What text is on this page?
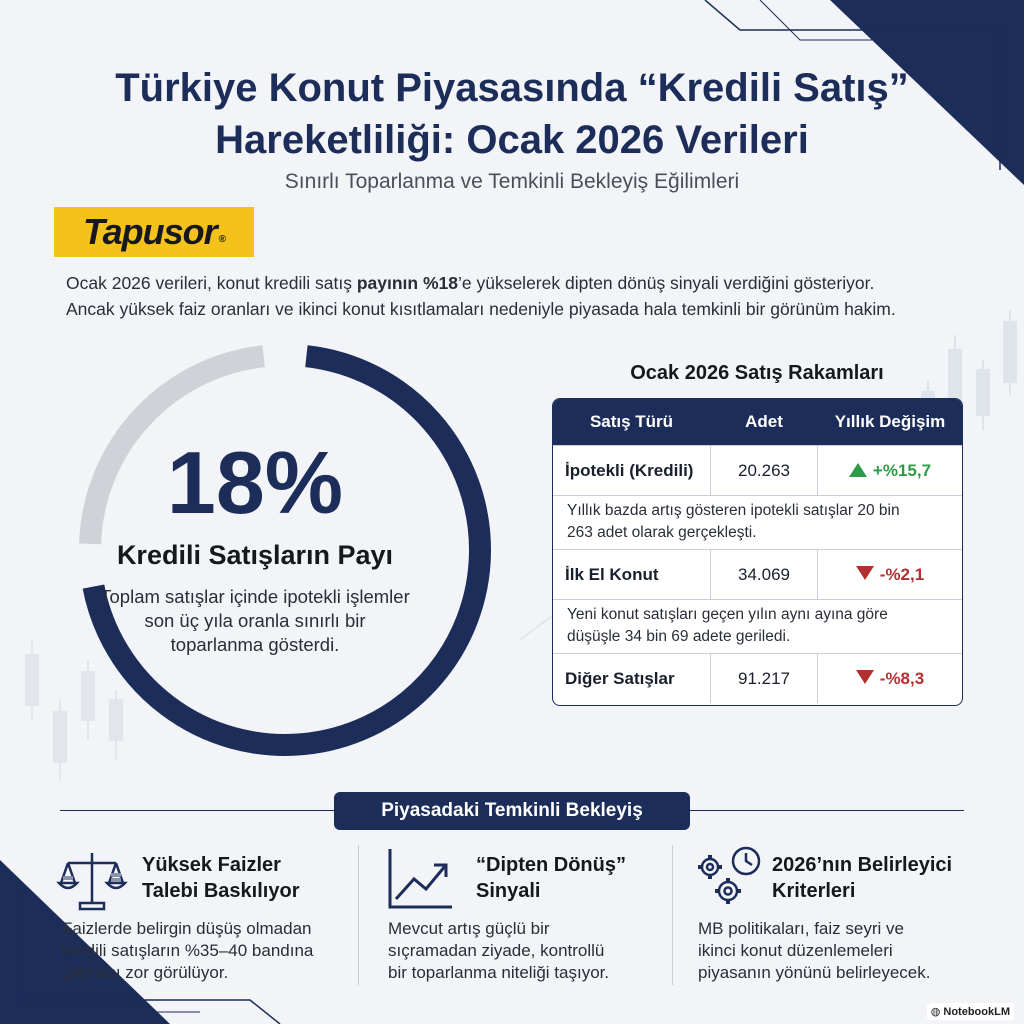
Türkiye Konut Piyasasında “Kredili Satış”
Hareketliliği: Ocak 2026 Verileri
Sınırlı Toparlanma ve Temkinli Bekleyiş Eğilimleri
Tapusor ®
Ocak 2026 verileri, konut kredili satış payının %18’e yükselerek dipten dönüş sinyali verdiğini gösteriyor.
Ancak yüksek faiz oranları ve ikinci konut kısıtlamaları nedeniyle piyasada hala temkinli bir görünüm hakim.
18%
Kredili Satışların Payı
Toplam satışlar içinde ipotekli işlemler
son üç yıla oranla sınırlı bir
toparlanma gösterdi.
Ocak 2026 Satış Rakamları
Satış Türü	Adet	Yıllık Değişim
İpotekli (Kredili)	20.263	+%15,7
Yıllık bazda artış gösteren ipotekli satışlar 20 bin
263 adet olarak gerçekleşti.
İlk El Konut	34.069	-%2,1
Yeni konut satışları geçen yılın aynı ayına göre
düşüşle 34 bin 69 adete geriledi.
Diğer Satışlar	91.217	-%8,3
Piyasadaki Temkinli Bekleyiş
Yüksek Faizler
Talebi Baskılıyor
Faizlerde belirgin düşüş olmadan
kredili satışların %35–40 bandına
çıkması zor görülüyor.
“Dipten Dönüş”
Sinyali
Mevcut artış güçlü bir
sıçramadan ziyade, kontrollü
bir toparlanma niteliği taşıyor.
2026’nın Belirleyici
Kriterleri
MB politikaları, faiz seyri ve
ikinci konut düzenlemeleri
piyasanın yönünü belirleyecek.
◍ NotebookLM
